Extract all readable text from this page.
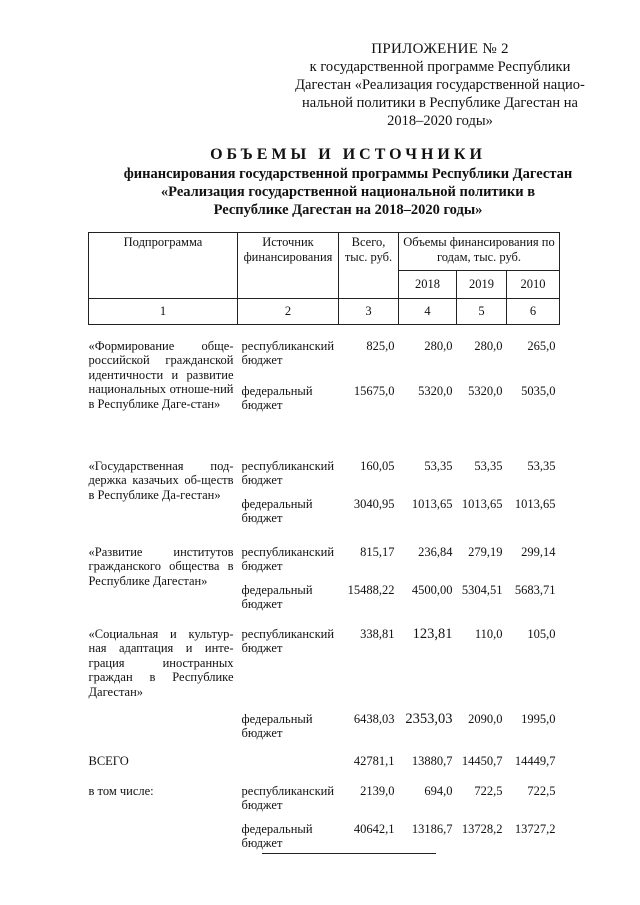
ПРИЛОЖЕНИЕ № 2
к государственной программе Республики
Дагестан «Реализация государственной нацио-
нальной политики в Республике Дагестан на
2018–2020 годы»
ОБЪЕМЫ И ИСТОЧНИКИ
финансирования государственной программы Республики Дагестан
«Реализация государственной национальной политики в
Республике Дагестан на 2018–2020 годы»
Подпрограмма	Источник финансирования	Всего, тыс. руб.	Объемы финансирования по годам, тыс. руб.		
			2018	2019	2010
1	2	3	4	5	6

«Формирование обще-российской гражданской идентичности и развитие национальных отноше-ний в Республике Даге-стан»	республиканский бюджет	825,0	280,0	280,0	265,0
	федеральный бюджет	15675,0	5320,0	5320,0	5035,0
«Государственная под-держка казачьих об-ществ в Республике Да-гестан»	республиканский бюджет	160,05	53,35	53,35	53,35
	федеральный бюджет	3040,95	1013,65	1013,65	1013,65
«Развитие институтов гражданского общества в Республике Дагестан»	республиканский бюджет	815,17	236,84	279,19	299,14
	федеральный бюджет	15488,22	4500,00	5304,51	5683,71
«Социальная и культур-ная адаптация и инте-грация иностранных граждан в Республике Дагестан»	республиканский бюджет	338,81	123,81	110,0	105,0
	федеральный бюджет	6438,03	2353,03	2090,0	1995,0
ВСЕГО		42781,1	13880,7	14450,7	14449,7
в том числе:	республиканский бюджет	2139,0	694,0	722,5	722,5
	федеральный бюджет	40642,1	13186,7	13728,2	13727,2
